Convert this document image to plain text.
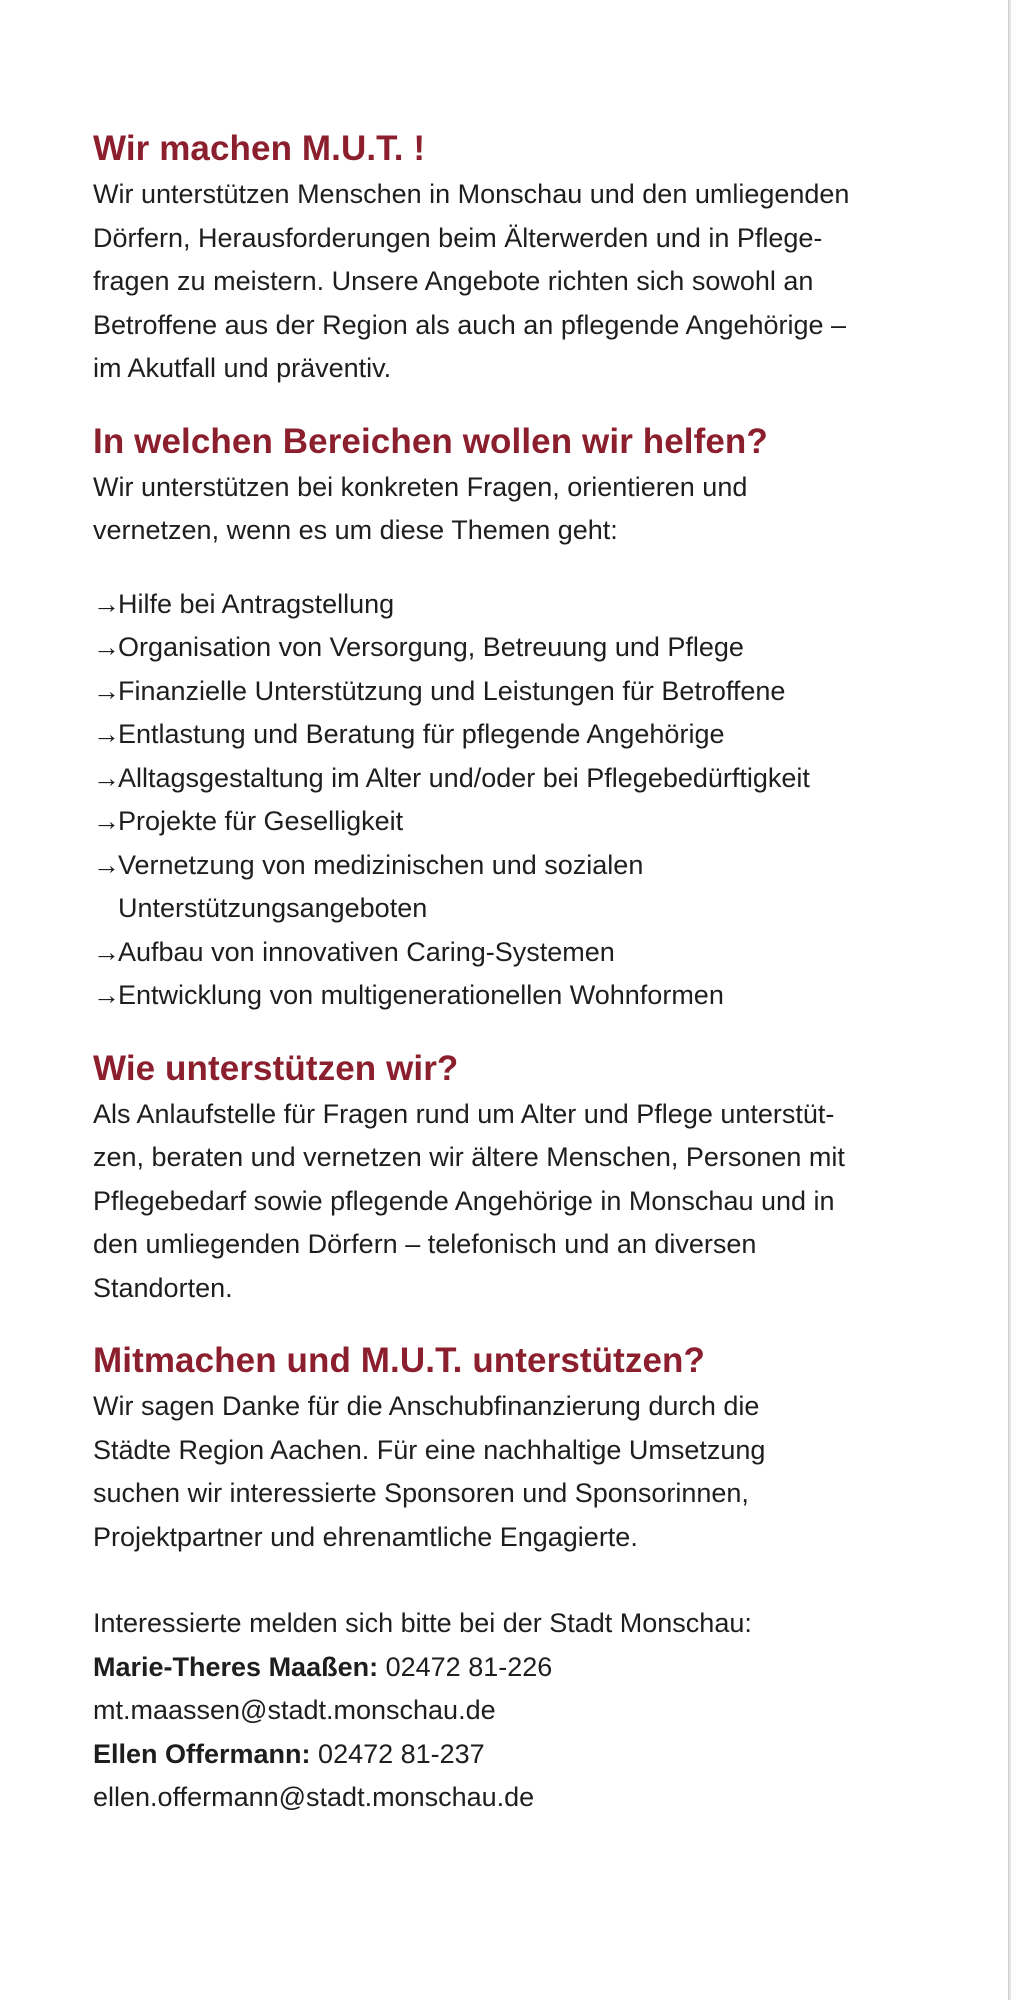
Wir machen M.U.T. !

Wir unterstützen Menschen in Monschau und den umliegenden

Dörfern, Herausforderungen beim Älterwerden und in Pflege-

fragen zu meistern. Unsere Angebote richten sich sowohl an

Betroffene aus der Region als auch an pflegende Angehörige –

im Akutfall und präventiv.

In welchen Bereichen wollen wir helfen?

Wir unterstützen bei konkreten Fragen, orientieren und

vernetzen, wenn es um diese Themen geht:

→
Hilfe bei Antragstellung
→
Organisation von Versorgung, Betreuung und Pflege
→
Finanzielle Unterstützung und Leistungen für Betroffene
→
Entlastung und Beratung für pflegende Angehörige
→
Alltagsgestaltung im Alter und/oder bei Pflegebedürftigkeit
→
Projekte für Geselligkeit
→
Vernetzung von medizinischen und sozialen
Unterstützungsangeboten
→
Aufbau von innovativen Caring-Systemen
→
Entwicklung von multigenerationellen Wohnformen
Wie unterstützen wir?

Als Anlaufstelle für Fragen rund um Alter und Pflege unterstüt-

zen, beraten und vernetzen wir ältere Menschen, Personen mit

Pflegebedarf sowie pflegende Angehörige in Monschau und in

den umliegenden Dörfern – telefonisch und an diversen

Standorten.

Mitmachen und M.U.T. unterstützen?

Wir sagen Danke für die Anschubfinanzierung durch die

Städte Region Aachen. Für eine nachhaltige Umsetzung

suchen wir interessierte Sponsoren und Sponsorinnen,

Projektpartner und ehrenamtliche Engagierte.

Interessierte melden sich bitte bei der Stadt Monschau:

Marie-Theres Maaßen: 02472 81-226

mt.maassen@stadt.monschau.de

Ellen Offermann: 02472 81-237

ellen.offermann@stadt.monschau.de
